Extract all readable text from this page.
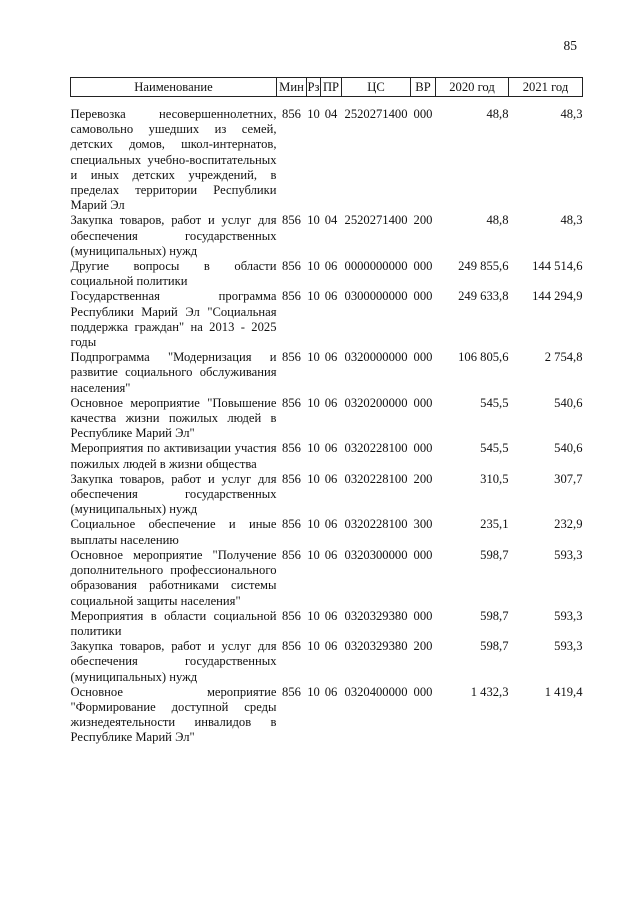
85
Наименование	Мин	Рз	ПР	ЦС	ВР	2020 год	2021 год

Перевозка несовершеннолетних, самовольно ушедших из семей, детских домов, школ-интернатов, специальных учебно-воспитательных и иных детских учреждений, в пределах территории Республики Марий Эл	856	10	04	2520271400	000	48,8	48,3
Закупка товаров, работ и услуг для обеспечения государственных (муниципальных) нужд	856	10	04	2520271400	200	48,8	48,3
Другие вопросы в области социальной политики	856	10	06	0000000000	000	249 855,6	144 514,6
Государственная программа Республики Марий Эл "Социальная поддержка граждан" на 2013 - 2025 годы	856	10	06	0300000000	000	249 633,8	144 294,9
Подпрограмма "Модернизация и развитие социального обслуживания населения"	856	10	06	0320000000	000	106 805,6	2 754,8
Основное мероприятие "Повышение качества жизни пожилых людей в Республике Марий Эл"	856	10	06	0320200000	000	545,5	540,6
Мероприятия по активизации участия пожилых людей в жизни общества	856	10	06	0320228100	000	545,5	540,6
Закупка товаров, работ и услуг для обеспечения государственных (муниципальных) нужд	856	10	06	0320228100	200	310,5	307,7
Социальное обеспечение и иные выплаты населению	856	10	06	0320228100	300	235,1	232,9
Основное мероприятие "Получение дополнительного профессионального образования работниками системы социальной защиты населения"	856	10	06	0320300000	000	598,7	593,3
Мероприятия в области социальной политики	856	10	06	0320329380	000	598,7	593,3
Закупка товаров, работ и услуг для обеспечения государственных (муниципальных) нужд	856	10	06	0320329380	200	598,7	593,3
Основное мероприятие "Формирование доступной среды жизнедеятельности инвалидов в Республике Марий Эл"	856	10	06	0320400000	000	1 432,3	1 419,4
